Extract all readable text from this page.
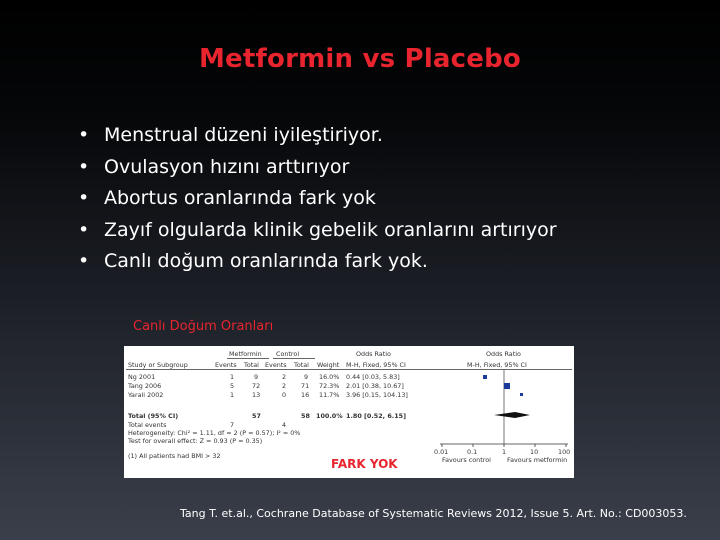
Metformin vs Placebo
• Menstrual düzeni iyileştiriyor.
• Ovulasyon hızını arttırıyor
• Abortus oranlarında fark yok
• Zayıf olgularda klinik gebelik oranlarını artırıyor
• Canlı doğum oranlarında fark yok.
Canlı Doğum Oranları
Metformin Control	Odds Ratio	Odds Ratio
Study or Subgroup	Events Total Events Total Weight M-H, Fixed, 95% CI	M-H, Fixed, 95% CI
Ng 2001	1	9	2	9 16.0% 0.44 [0.03, 5.83]
Tang 2006	5	72	2 71 72.3% 2.01 [0.38, 10.67]
Yarali 2002	1	13	0 16 11.7% 3.96 [0.15, 104.13]
Total (95% CI)	57	58 100.0% 1.80 [0.52, 6.15]
Total events	7	4
Heterogeneity: Chi² = 1.11, df = 2 (P = 0.57); I² = 0%
Test for overall effect: Z = 0.93 (P = 0.35)
(1) All patients had BMI > 32	0.01	0.1	1	10	100
Favours control	Favours metformin
FARK YOK
Tang T. et.al., Cochrane Database of Systematic Reviews 2012, Issue 5. Art. No.: CD003053.
